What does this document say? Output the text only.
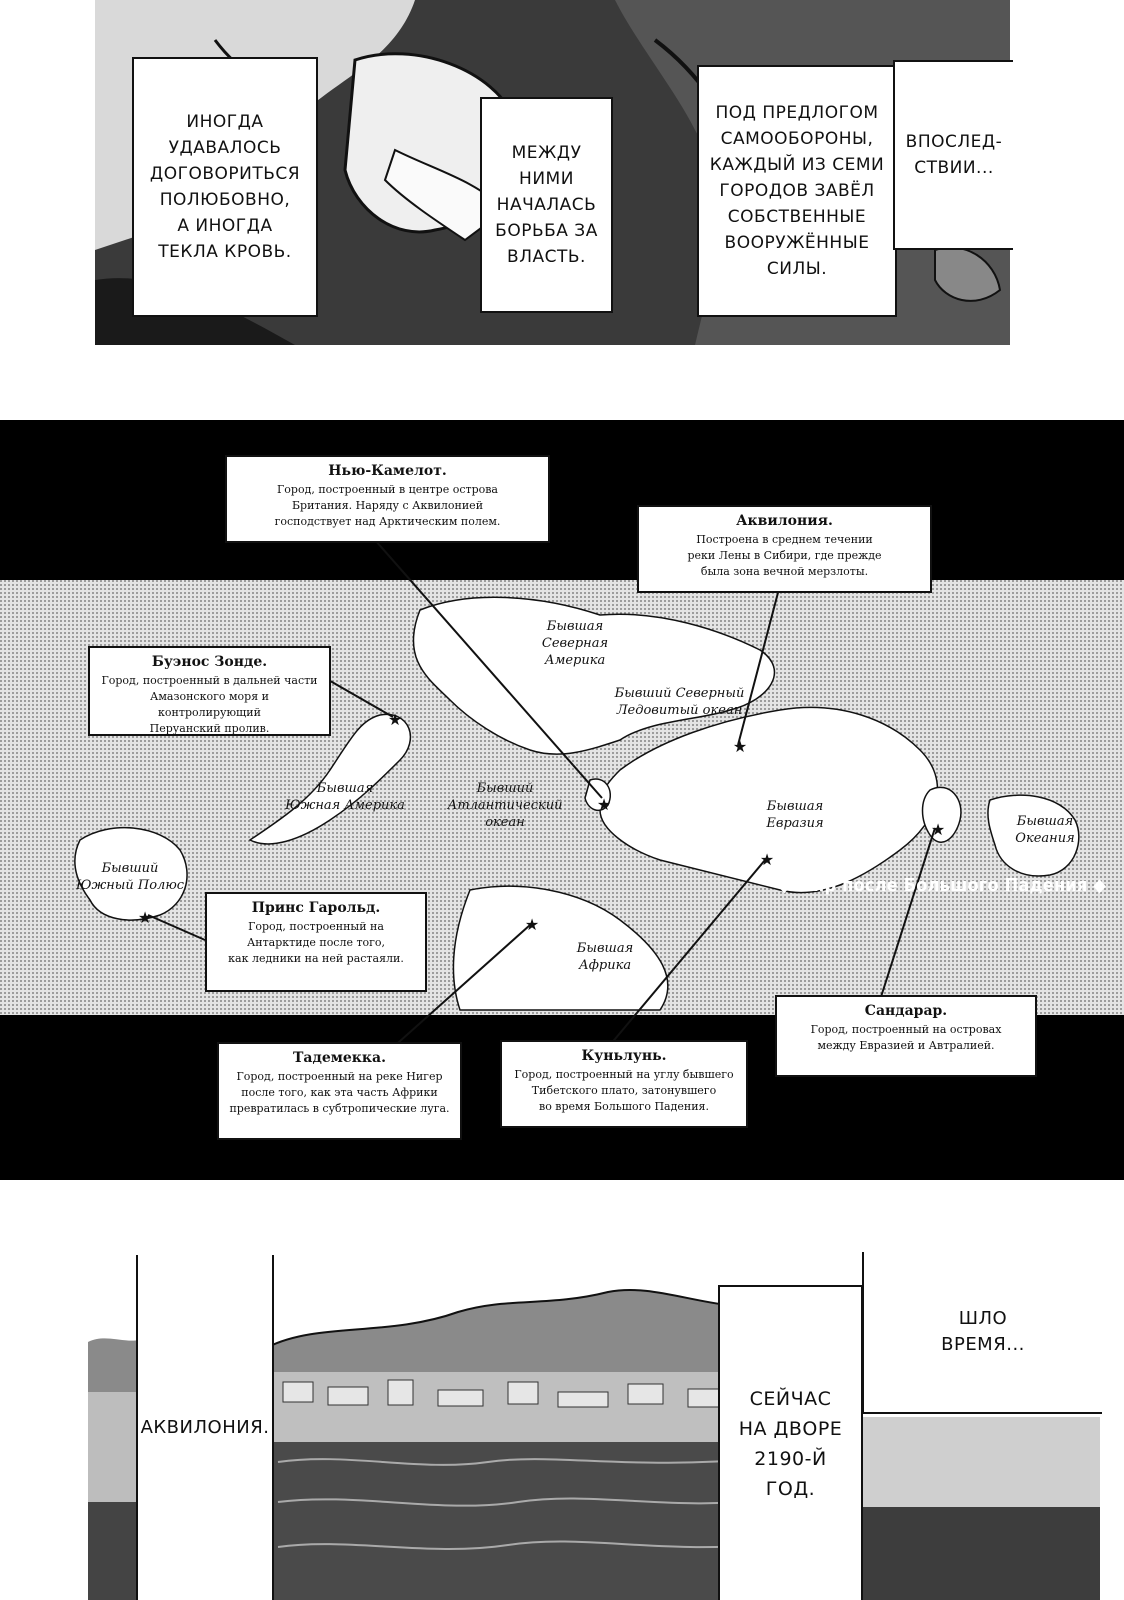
ИНОГДА
УДАВАЛОСЬ
ДОГОВОРИТЬСЯ
ПОЛЮБОВНО,
А ИНОГДА
ТЕКЛА КРОВЬ.
МЕЖДУ
НИМИ
НАЧАЛАСЬ
БОРЬБА ЗА
ВЛАСТЬ.
ПОД ПРЕДЛОГОМ
САМООБОРОНЫ,
КАЖДЫЙ ИЗ СЕМИ
ГОРОДОВ ЗАВЁЛ
СОБСТВЕННЫЕ
ВООРУЖЁННЫЕ
СИЛЫ.
ВПОСЛЕД-
СТВИИ...
★
★
★
★	★
★
★
◆ Мир после Большого Падения ◆
Нью-Камелот.
Город, построенный в центре острова
Британия. Наряду с Аквилонией
господствует над Арктическим полем.	Аквилония.
Построена в среднем течении
реки Лены в Сибири, где прежде
была зона вечной мерзлоты.
Буэнос Зонде.
Город, построенный в дальней части
Амазонского моря и контролирующий
Перуанский пролив.
Принс Гарольд.
Город, построенный на
Антарктиде после того,
как ледники на ней растаяли.
Тадемекка.
Город, построенный на реке Нигер
после того, как эта часть Африки
превратилась в субтропические луга.
Куньлунь.
Город, построенный на углу бывшего
Тибетского плато, затонувшего
во время Большого Падения.
Сандарар.
Город, построенный на островах
между Евразией и Автралией.
Бывшая
Северная Америка
Бывший Северный
Ледовитый океан
Бывшая
Южная Америка
Бывший
Атлантический океан
Бывшая
Евразия	Бывшая
Океания
Бывший
Южный Полюс
Бывшая
Африка
АКВИЛОНИЯ.
ШЛО
ВРЕМЯ...
СЕЙЧАС
НА ДВОРЕ
2190-Й
ГОД.
